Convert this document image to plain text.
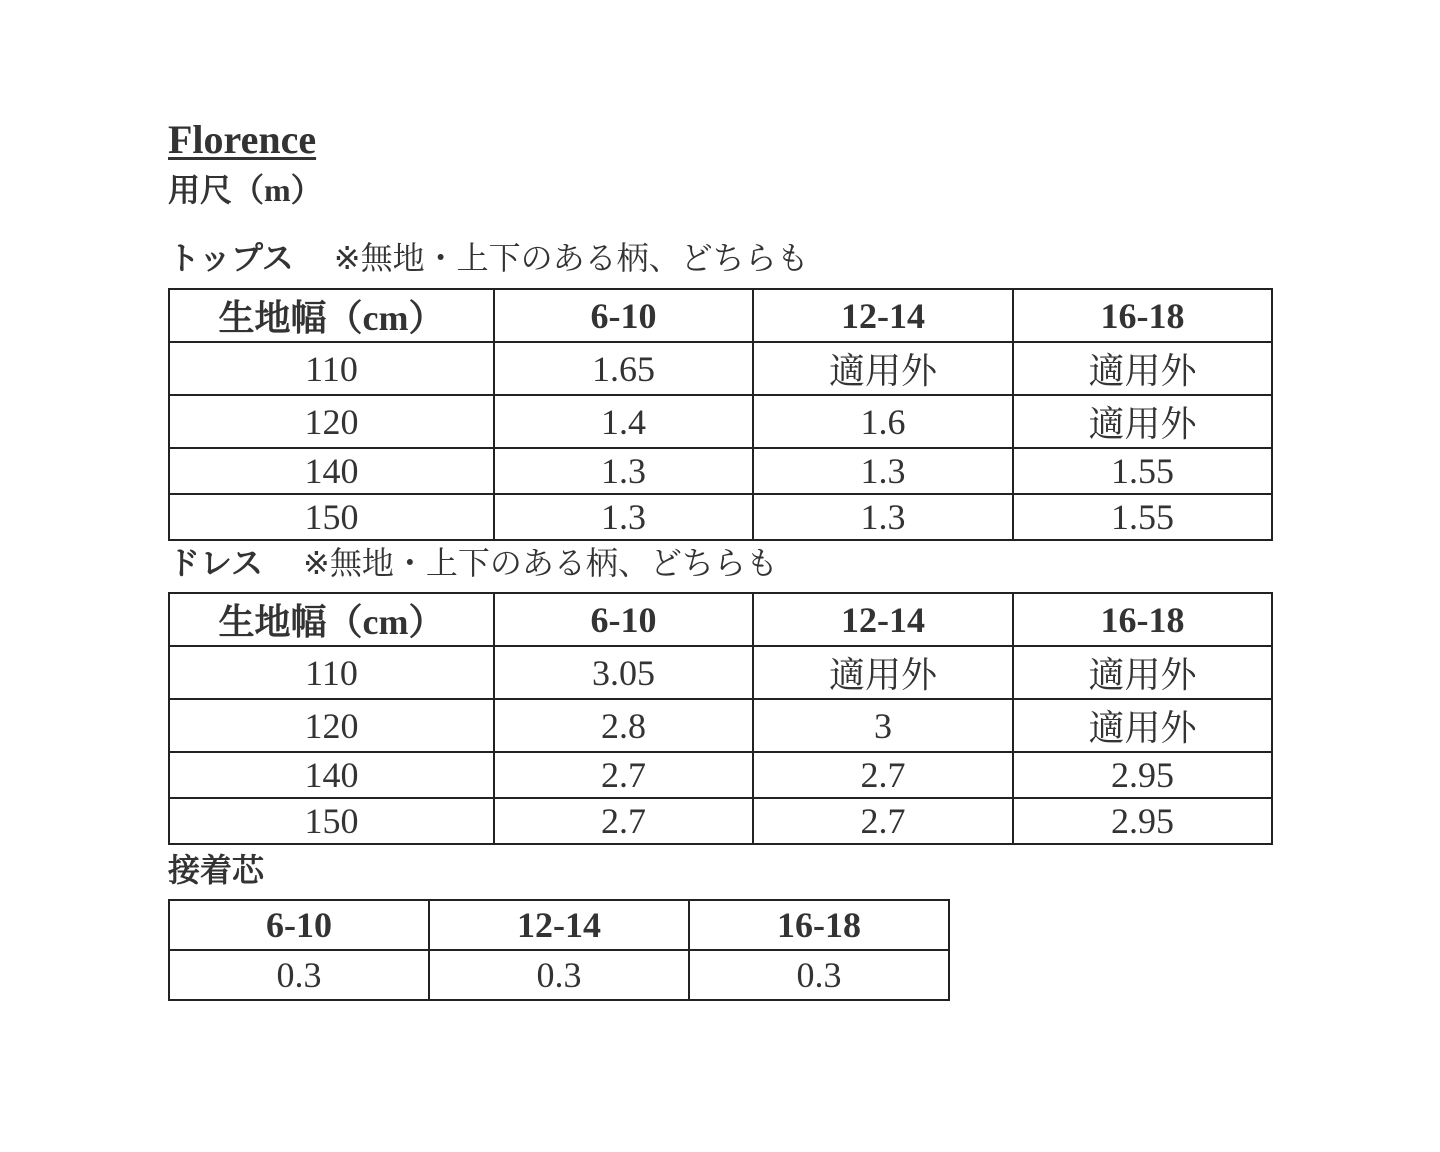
Florence
用尺（m）
トップス ※無地・上下のある柄、どちらも
生地幅（cm）	6-10	12-14	16-18
110	1.65	適用外	適用外
120	1.4	1.6	適用外
140	1.3	1.3	1.55
150	1.3	1.3	1.55
ドレス ※無地・上下のある柄、どちらも
生地幅（cm）	6-10	12-14	16-18
110	3.05	適用外	適用外
120	2.8	3	適用外
140	2.7	2.7	2.95
150	2.7	2.7	2.95
接着芯
6-10	12-14	16-18
0.3	0.3	0.3
